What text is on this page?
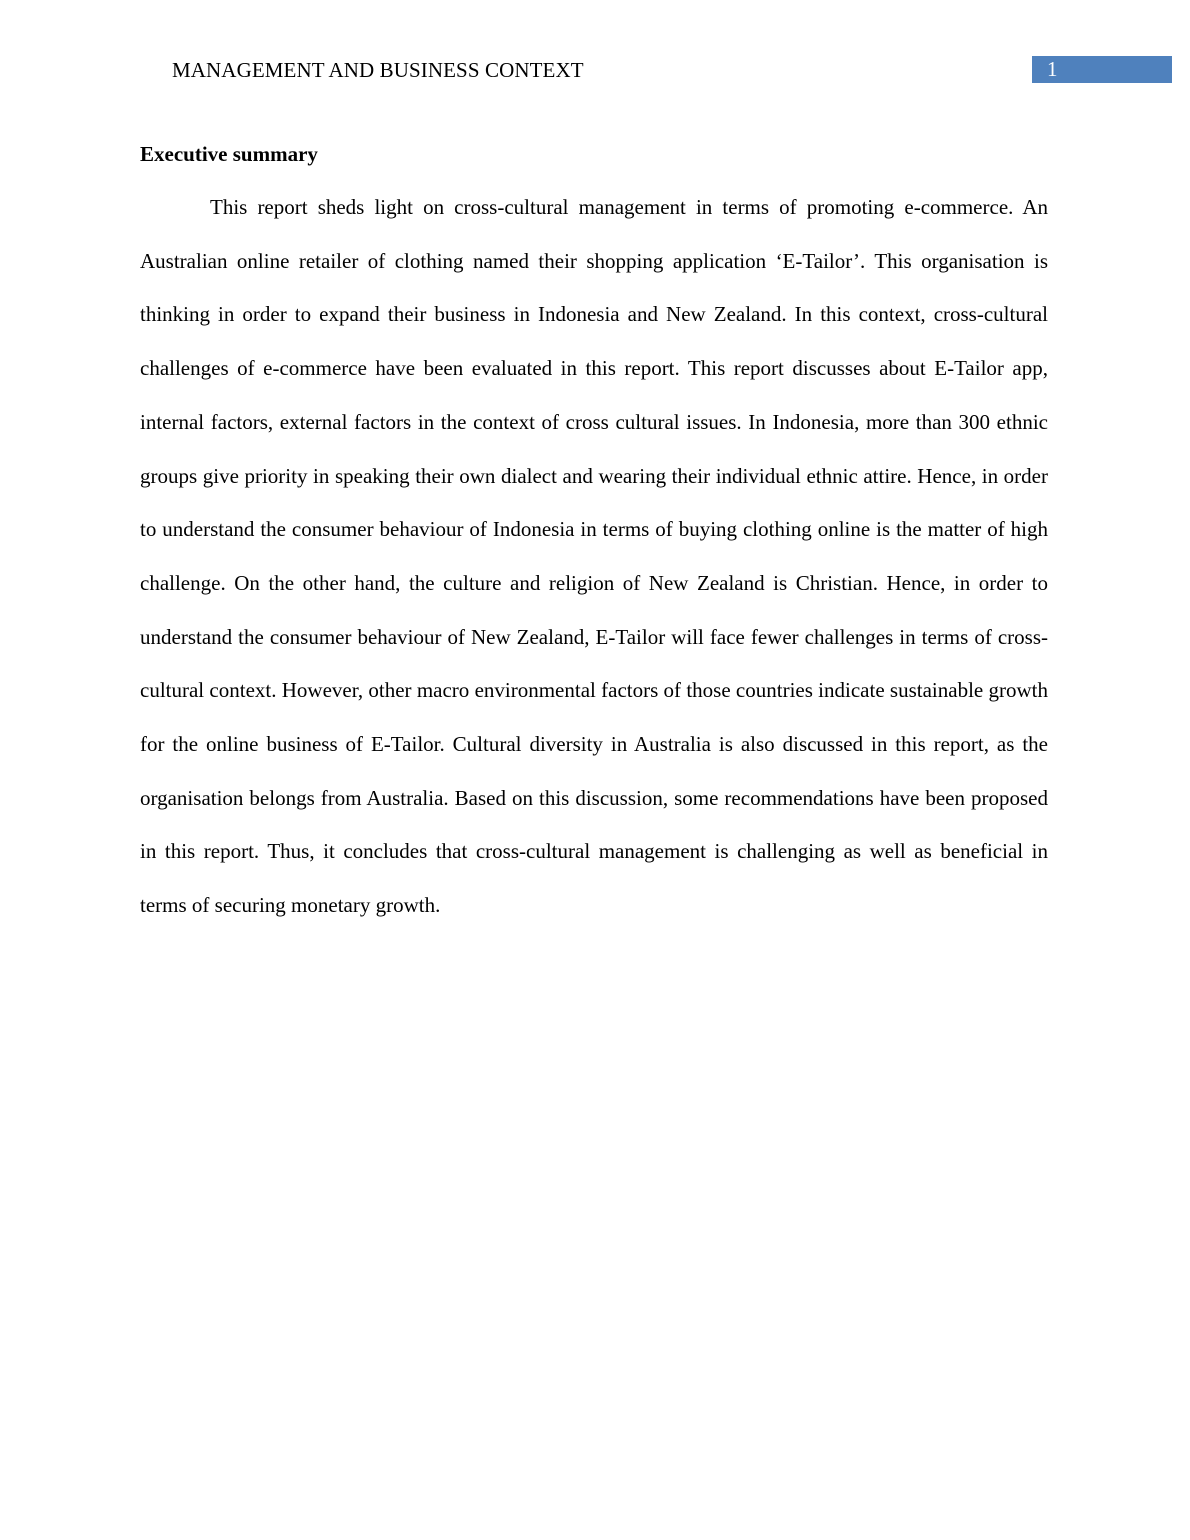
MANAGEMENT AND BUSINESS CONTEXT	1
Executive summary

This report sheds light on cross-cultural management in terms of promoting e-commerce. An Australian online retailer of clothing named their shopping application ‘E-Tailor’. This organisation is thinking in order to expand their business in Indonesia and New Zealand. In this context, cross-cultural challenges of e-commerce have been evaluated in this report. This report discusses about E-Tailor app, internal factors, external factors in the context of cross cultural issues. In Indonesia, more than 300 ethnic groups give priority in speaking their own dialect and wearing their individual ethnic attire. Hence, in order to understand the consumer behaviour of Indonesia in terms of buying clothing online is the matter of high challenge. On the other hand, the culture and religion of New Zealand is Christian. Hence, in order to understand the consumer behaviour of New Zealand, E-Tailor will face fewer challenges in terms of cross-cultural context. However, other macro environmental factors of those countries indicate sustainable growth for the online business of E-Tailor. Cultural diversity in Australia is also discussed in this report, as the organisation belongs from Australia. Based on this discussion, some recommendations have been proposed in this report. Thus, it concludes that cross-cultural management is challenging as well as beneficial in terms of securing monetary growth.
